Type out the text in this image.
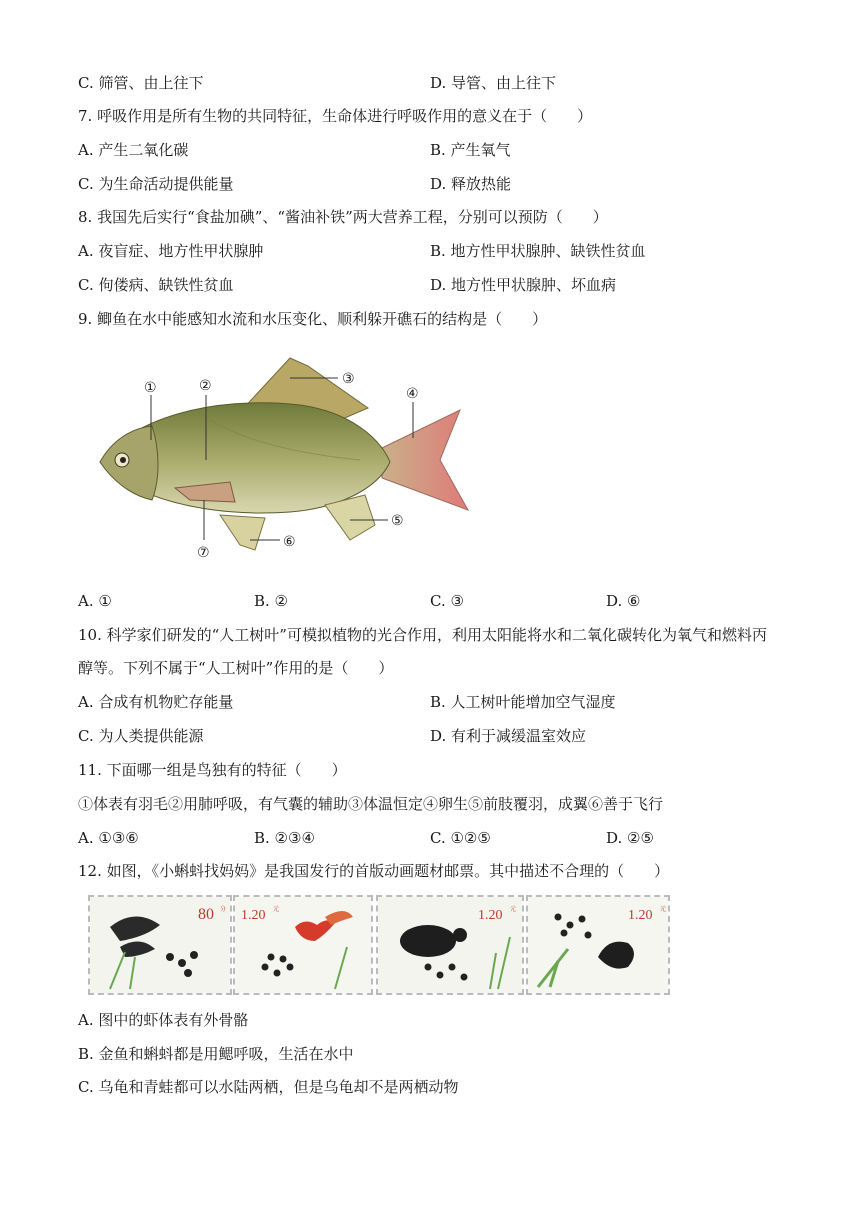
C. 筛管、由上往下	D. 导管、由上往下
7. 呼吸作用是所有生物的共同特征，生命体进行呼吸作用的意义在于（　　）
A. 产生二氧化碳	B. 产生氧气
C. 为生命活动提供能量	D. 释放热能
8. 我国先后实行“食盐加碘”、“酱油补铁”两大营养工程，分别可以预防（　　）
A. 夜盲症、地方性甲状腺肿	B. 地方性甲状腺肿、缺铁性贫血
C. 佝偻病、缺铁性贫血	D. 地方性甲状腺肿、坏血病
9. 鲫鱼在水中能感知水流和水压变化、顺利躲开礁石的结构是（　　）
①	②	③
④
⑤
⑥
⑦
A. ①	B. ②	C. ③	D. ⑥
10. 科学家们研发的“人工树叶”可模拟植物的光合作用，利用太阳能将水和二氧化碳转化为氧气和燃料丙
醇等。下列不属于“人工树叶”作用的是（　　）
A. 合成有机物贮存能量	B. 人工树叶能增加空气湿度
C. 为人类提供能源	D. 有利于减缓温室效应
11. 下面哪一组是鸟独有的特征（　　）
①体表有羽毛②用肺呼吸，有气囊的辅助③体温恒定④卵生⑤前肢覆羽，成翼⑥善于飞行
A. ①③⑥	B. ②③④	C. ①②⑤	D. ②⑤
12. 如图，《小蝌蚪找妈妈》是我国发行的首版动画题材邮票。其中描述不合理的（　　）
80 分 1.20 元	1.20 元	1.20 元
A. 图中的虾体表有外骨骼
B. 金鱼和蝌蚪都是用鳃呼吸，生活在水中
C. 乌龟和青蛙都可以水陆两栖，但是乌龟却不是两栖动物
